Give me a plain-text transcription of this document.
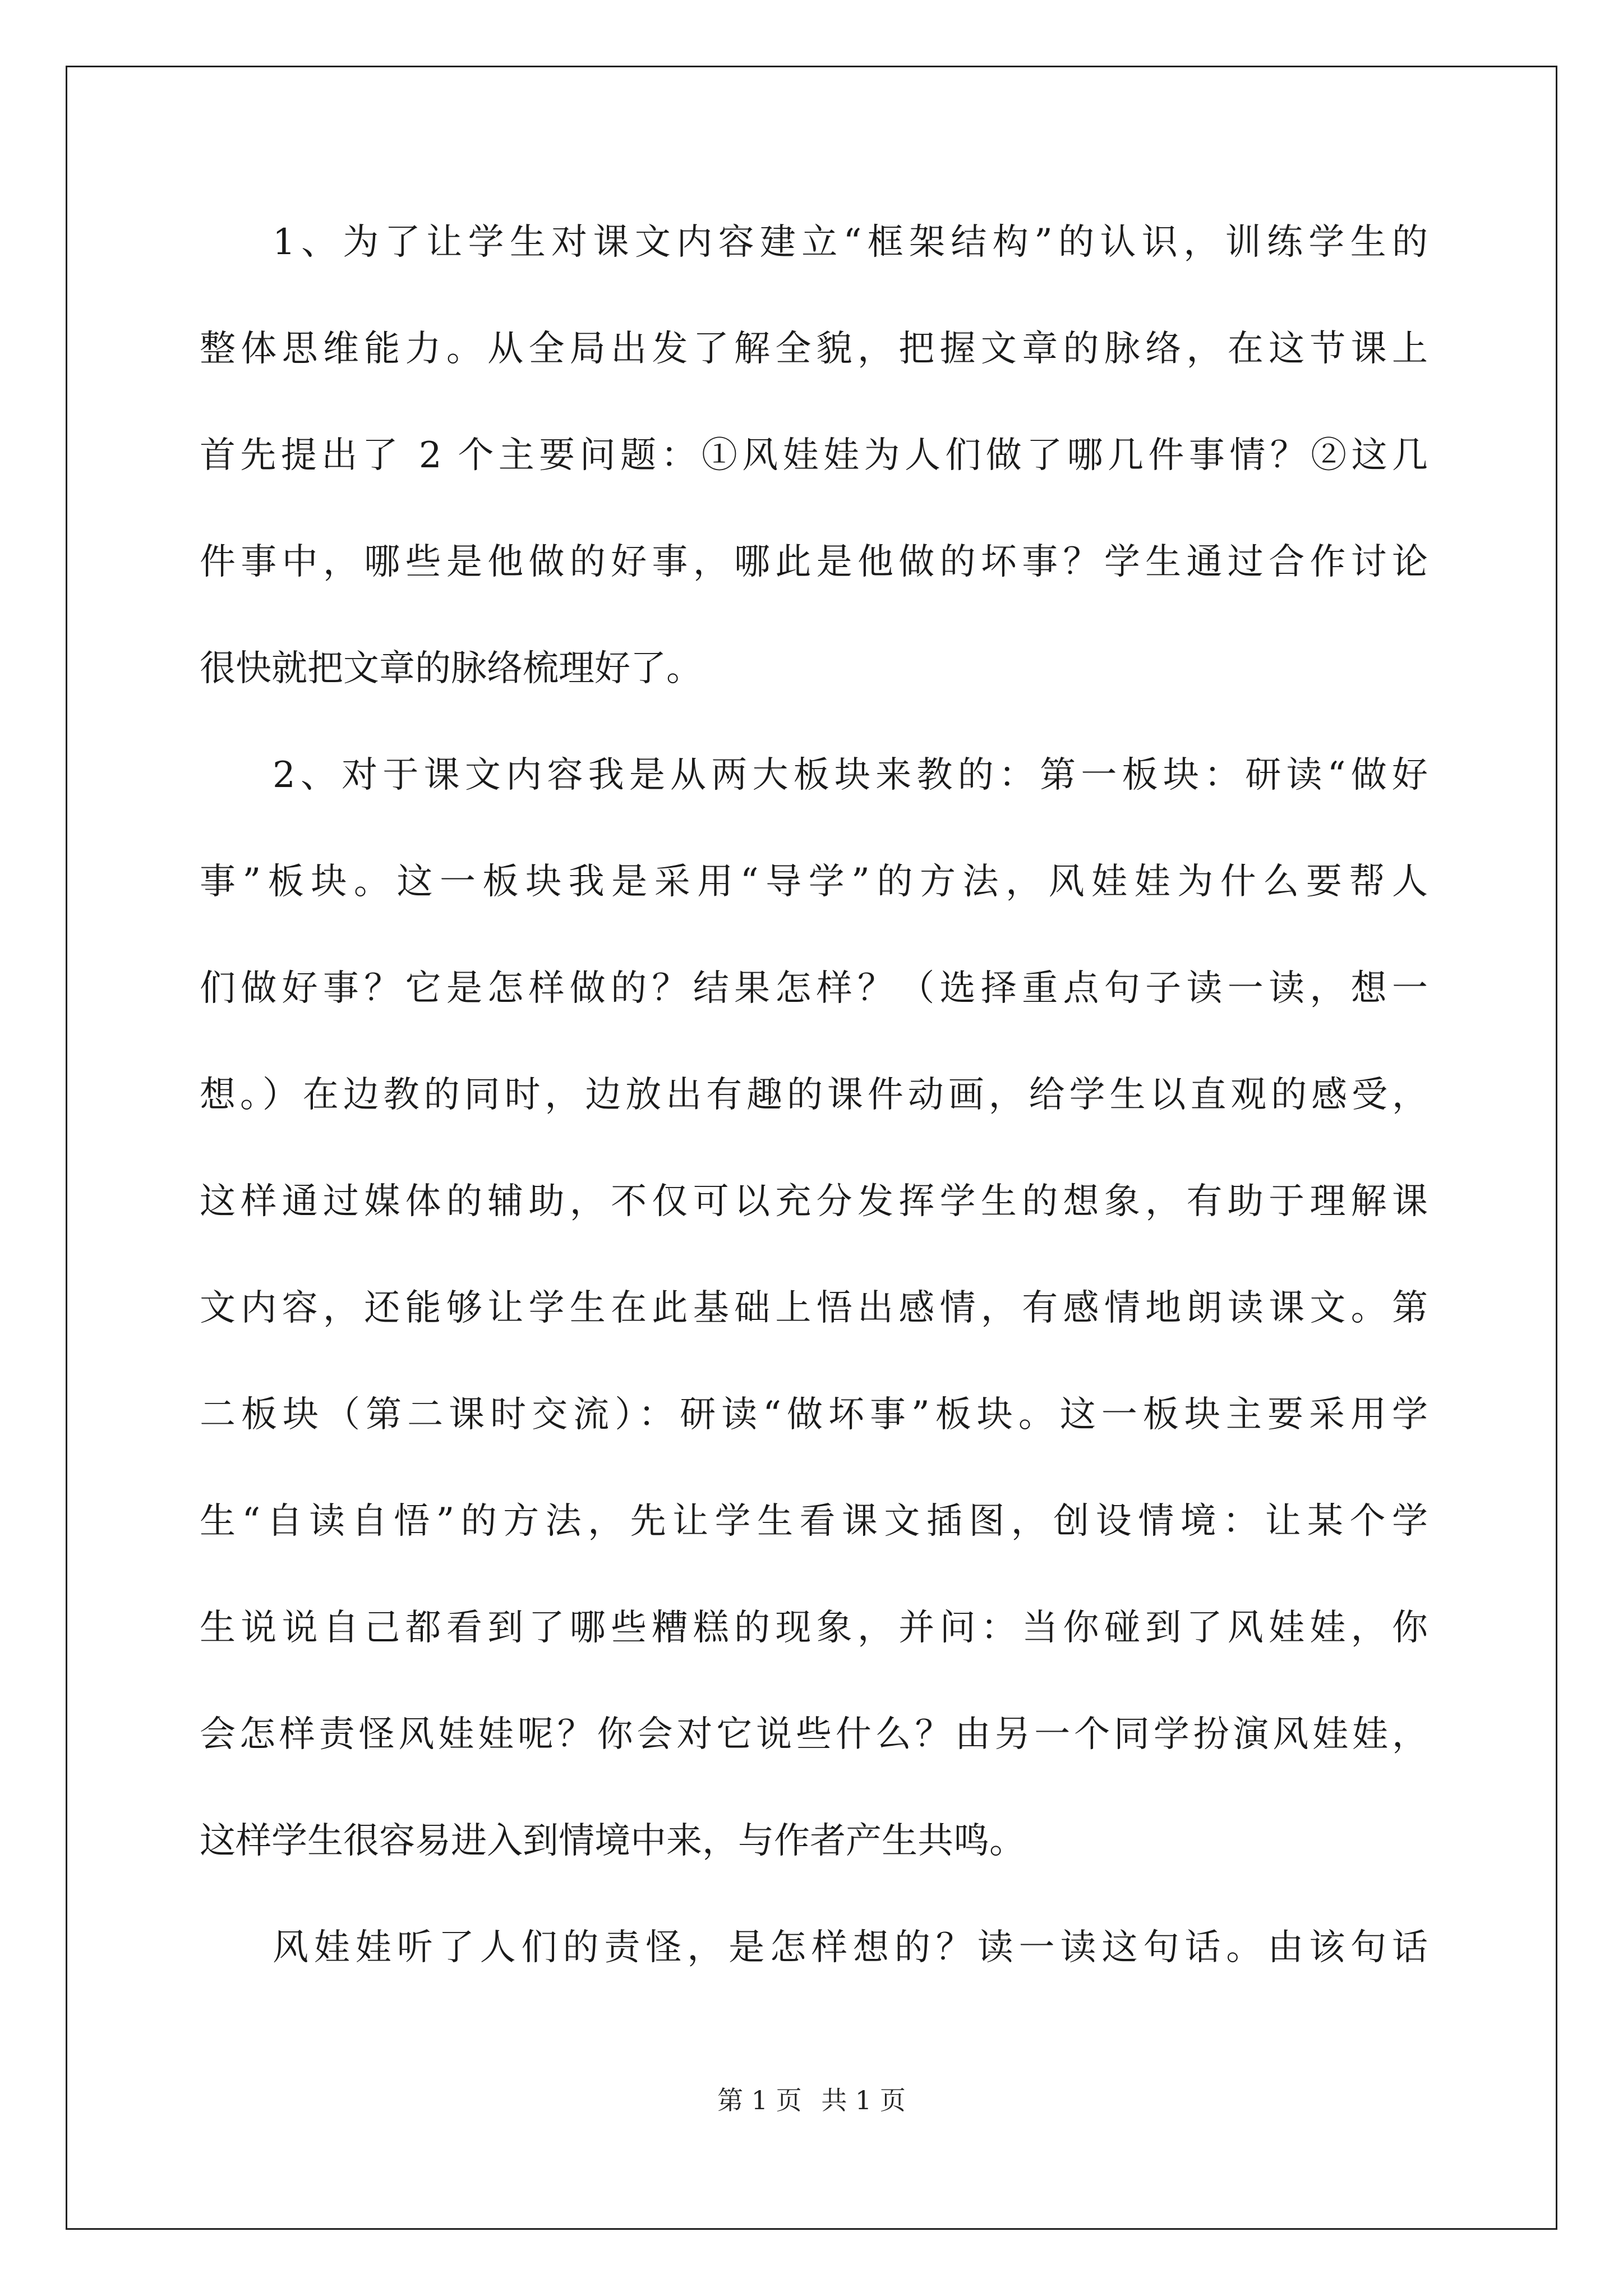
1、为了让学生对课文内容建立“框架结构”的认识，训练学生的
整体思维能力。从全局出发了解全貌，把握文章的脉络，在这节课上
首先提出了 2 个主要问题：①风娃娃为人们做了哪几件事情？②这几
件事中，哪些是他做的好事，哪此是他做的坏事？学生通过合作讨论
很快就把文章的脉络梳理好了。
2、对于课文内容我是从两大板块来教的：第一板块：研读“做好
事”板块。这一板块我是采用“导学”的方法，风娃娃为什么要帮人
们做好事？它是怎样做的？结果怎样？（选择重点句子读一读，想一
想。）在边教的同时，边放出有趣的课件动画，给学生以直观的感受，
这样通过媒体的辅助，不仅可以充分发挥学生的想象，有助于理解课
文内容，还能够让学生在此基础上悟出感情，有感情地朗读课文。第
二板块（第二课时交流）：研读“做坏事”板块。这一板块主要采用学
生“自读自悟”的方法，先让学生看课文插图，创设情境：让某个学
生说说自己都看到了哪些糟糕的现象，并问：当你碰到了风娃娃，你
会怎样责怪风娃娃呢？你会对它说些什么？由另一个同学扮演风娃娃，
这样学生很容易进入到情境中来，与作者产生共鸣。
风娃娃听了人们的责怪，是怎样想的？读一读这句话。由该句话
第 1 页 共 1 页
